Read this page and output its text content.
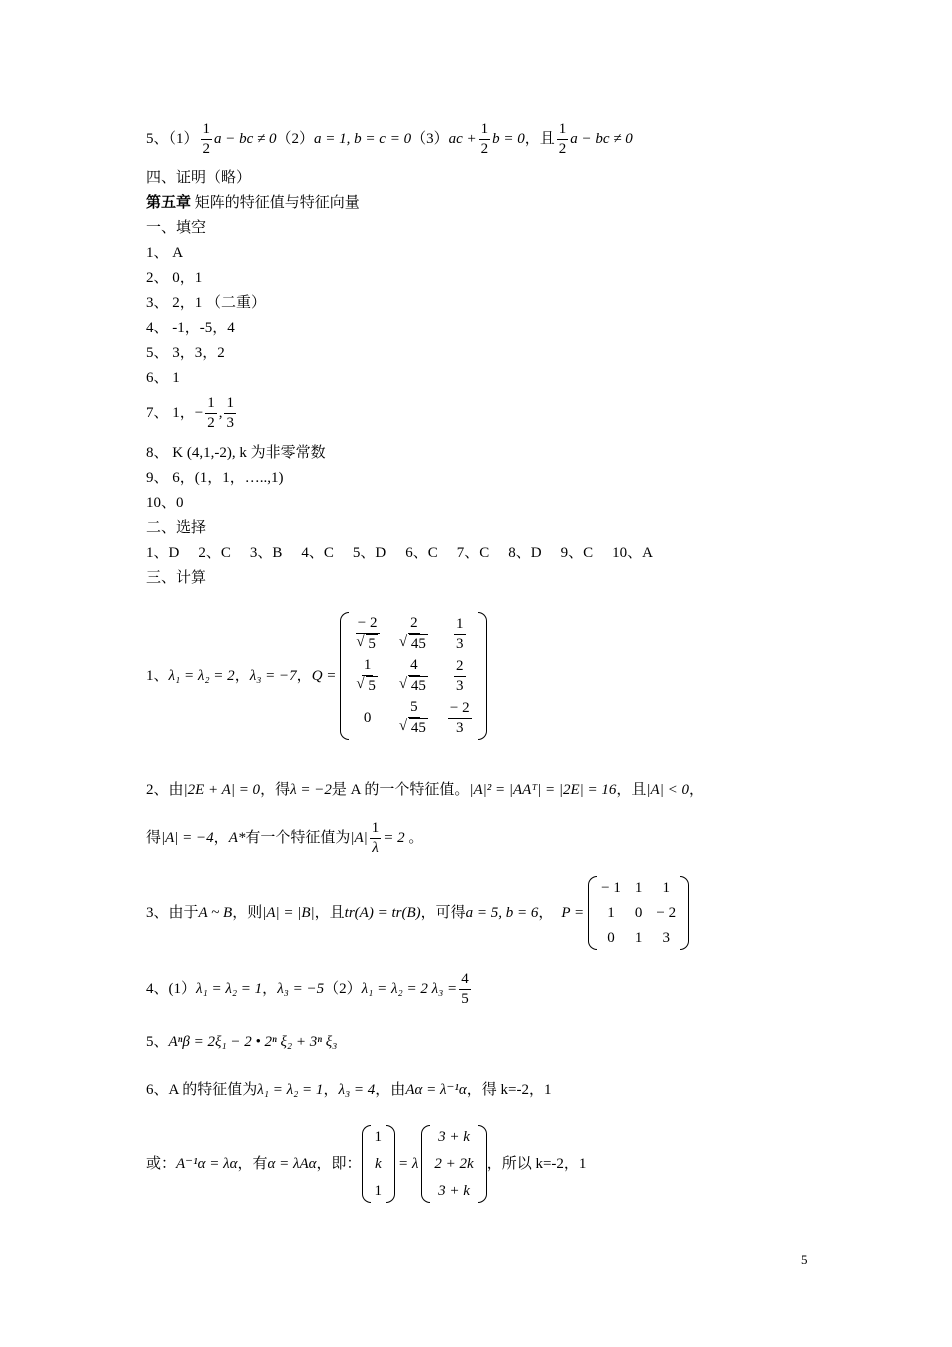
5、$(1) \frac{1}{2}$ a − bc ≠ 0（2）a = 1, $b = c = 0(3)ac + \frac{1}{2}$ b = 0，且 $\frac{1}{2}$ a − bc ≠ 0
四、证明（略）
第五章 矩阵的特征值与特征向量
一、填空
1、 A
2、 0，1
3、 2，1 （二重）
4、 -1，-5，4
5、 3，3，2
6、 1
7、 1，− $\frac{1}{2}$ , $\frac{1}{3}$
8、 K (4,1,-2), k 为非零常数
9、 6，(1，1，…..,1)
10、0
二、选择
1、D 2、C 3、B 4、C 5、D 6、C 7、C 8、D 9、C 10、A
三、计算
1、 λ₁ = λ₂ = 2 ， λ₃ = −7 ， Q =
− 2
√ 5 2
√ $45 \frac{1}{3}$
1
√ 5 4
√ $45 \frac{2}{3}$
0 5
√ $45 \frac{- 2}{3}$
2、由|2E + A| = 0，得λ = −2是 A 的一个特征值。|A|² = |AAᵀ| = |2E| = 16，且|A| < 0，
得|A| = −4，A*有一个特征值为$|A| \frac{1}{\lambda} = 2$ 。
3、由于 A ~ B ，则 |A| = |B| ，且 tr(A) = tr(B) ，可得 a = 5, b = 6 ， P =
− 1 1 1
1 0 − 2
0 1 3
4、(1）λ₁ = λ₂ = 1，λ₃ = −5（2）λ₁ = λ₂ = 2 $\lambda_3 = \frac{4}{5}$
5、Aⁿβ = 2ξ₁ − 2 • 2ⁿ ξ₂ + 3ⁿ ξ₃
6、A 的特征值为λ₁ = λ₂ = 1，λ₃ = 4，由Aα = λ⁻¹α，得 k=-2，1
或： A⁻¹α = λα ，有 α = λAα ，即：
1
k
1
= λ
3 + k
2 + 2k
3 + k
，所以 k=-2，1
5
